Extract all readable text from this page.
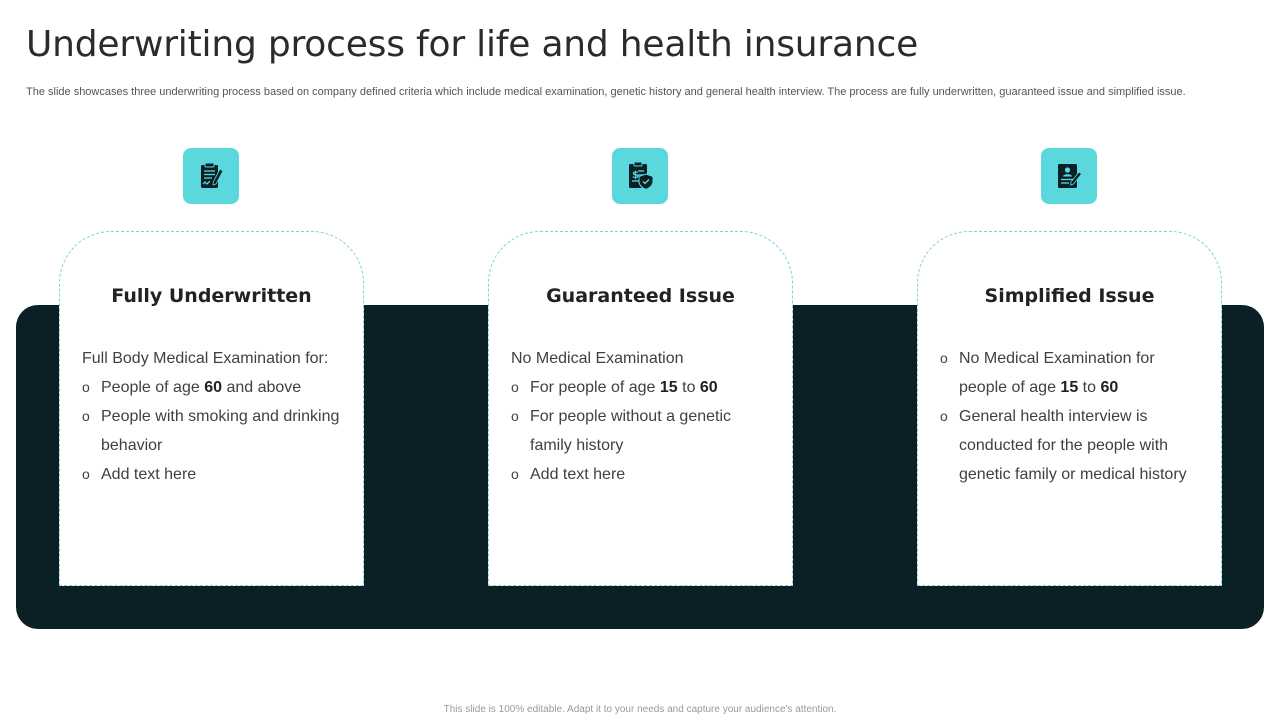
Underwriting process for life and health insurance

The slide showcases three underwriting process based on company defined criteria which include medical examination, genetic history and general health interview. The process are fully underwritten, guaranteed issue and simplified issue.

$
Fully Underwritten
Full Body Medical Examination for:
o People of age 60 and above
o People with smoking and drinking behavior
o Add text here
Guaranteed Issue
No Medical Examination
o For people of age 15 to 60
o For people without a genetic family history
o Add text here
Simplified Issue
o No Medical Examination for people of age 15 to 60
o General health interview is conducted for the people with genetic family or medical history
This slide is 100% editable. Adapt it to your needs and capture your audience's attention.
